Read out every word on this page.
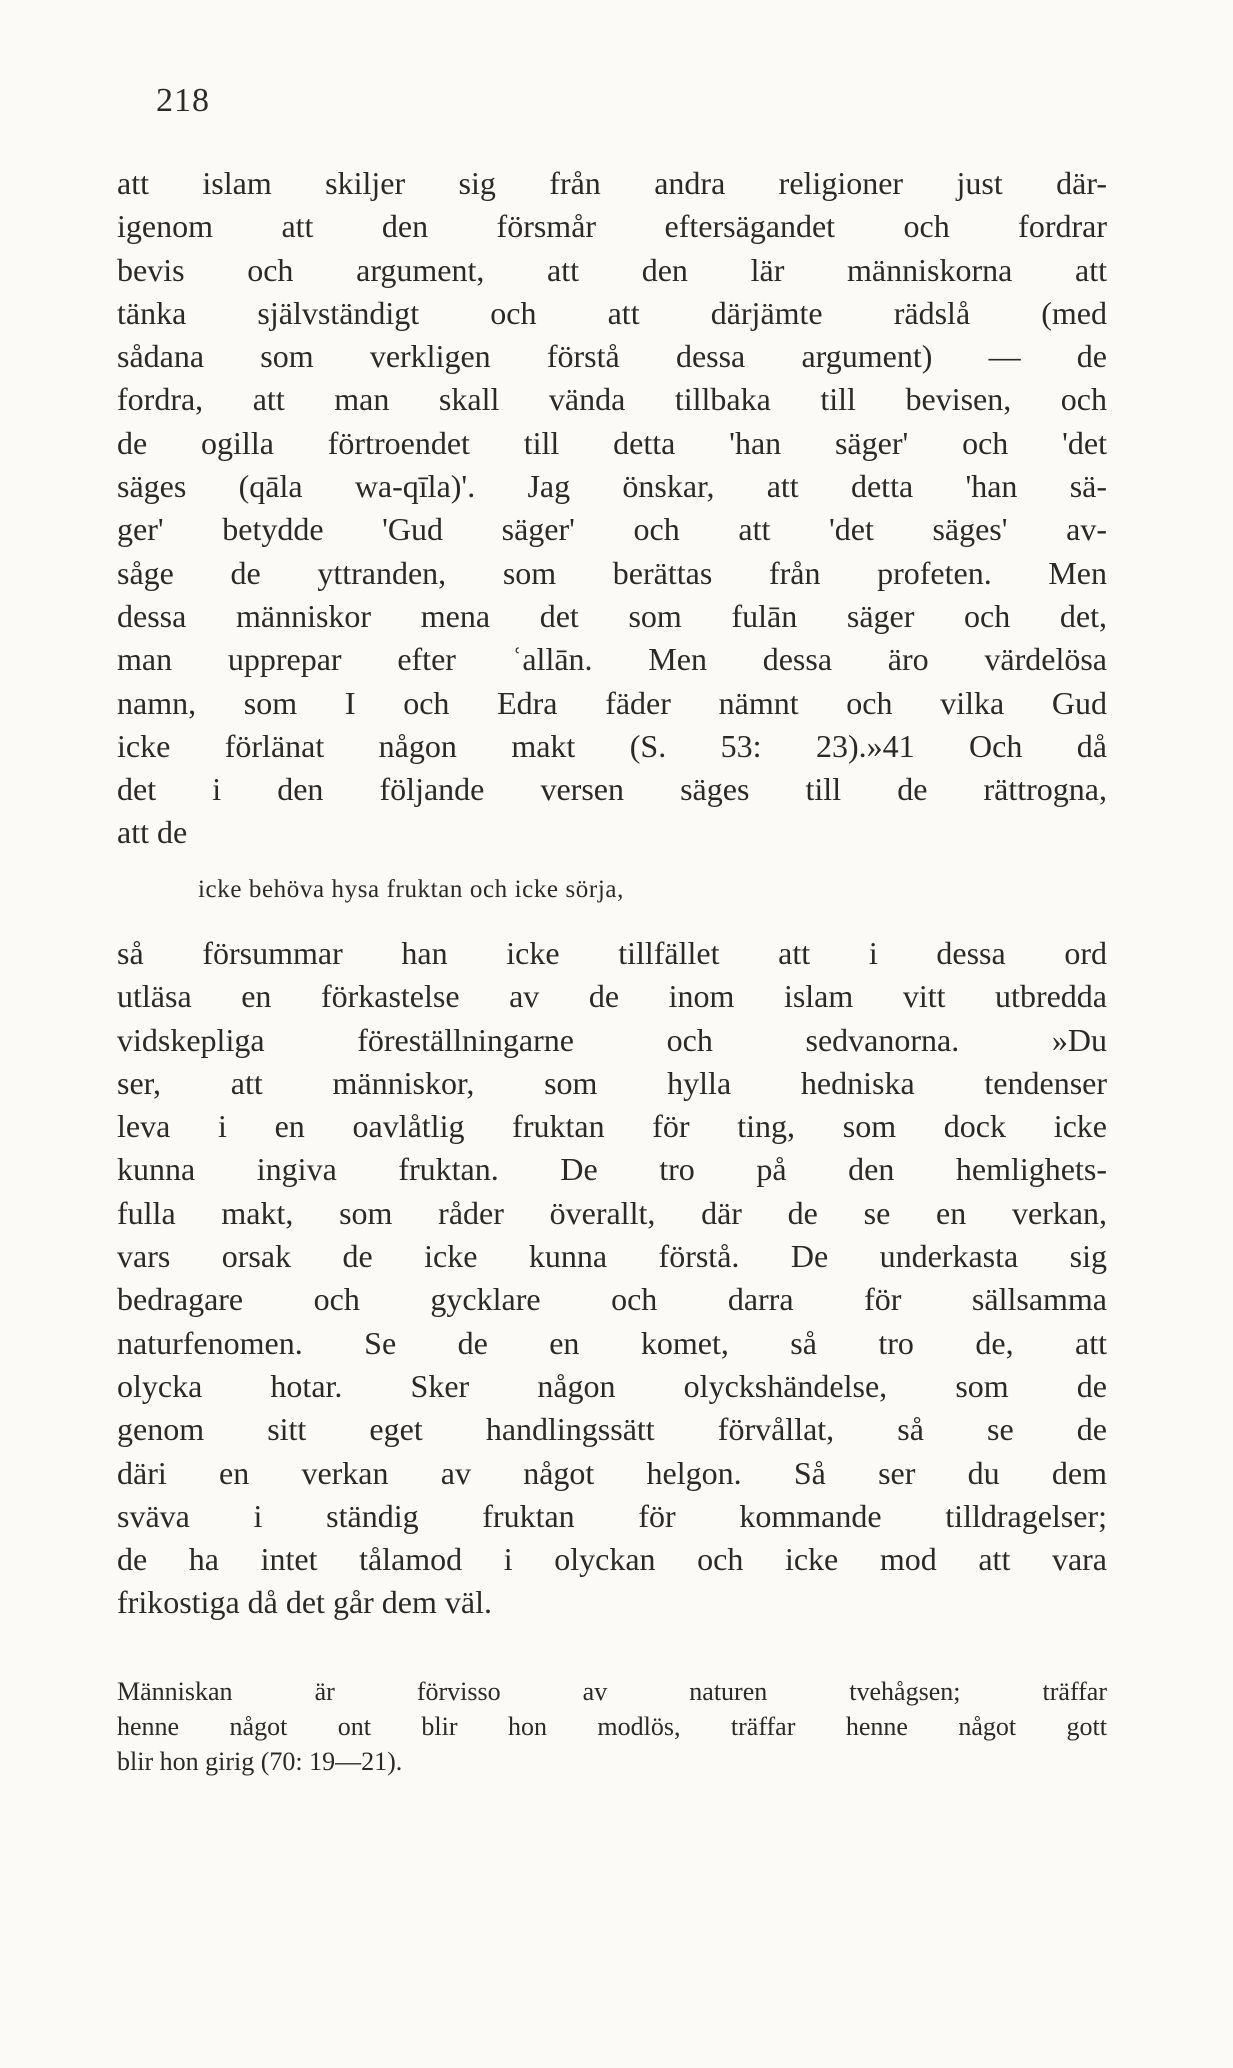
218
att islam skiljer sig från andra religioner just där-
igenom att den försmår eftersägandet och fordrar
bevis och argument, att den lär människorna att
tänka självständigt och att därjämte rädslå (med
sådana som verkligen förstå dessa argument) — de
fordra, att man skall vända tillbaka till bevisen, och
de ogilla förtroendet till detta 'han säger' och 'det
säges (qāla wa-qīla)'. Jag önskar, att detta 'han sä-
ger' betydde 'Gud säger' och att 'det säges' av-
såge de yttranden, som berättas från profeten. Men
dessa människor mena det som fulān säger och det,
man upprepar efter ʿallān. Men dessa äro värdelösa
namn, som I och Edra fäder nämnt och vilka Gud
icke förlänat någon makt (S. 53: 23).»41 Och då
det i den följande versen säges till de rättrogna,
att de
icke behöva hysa fruktan och icke sörja,
så försummar han icke tillfället att i dessa ord
utläsa en förkastelse av de inom islam vitt utbredda
vidskepliga föreställningarne och sedvanorna. »Du
ser, att människor, som hylla hedniska tendenser
leva i en oavlåtlig fruktan för ting, som dock icke
kunna ingiva fruktan. De tro på den hemlighets-
fulla makt, som råder överallt, där de se en verkan,
vars orsak de icke kunna förstå. De underkasta sig
bedragare och gycklare och darra för sällsamma
naturfenomen. Se de en komet, så tro de, att
olycka hotar. Sker någon olyckshändelse, som de
genom sitt eget handlingssätt förvållat, så se de
däri en verkan av något helgon. Så ser du dem
sväva i ständig fruktan för kommande tilldragelser;
de ha intet tålamod i olyckan och icke mod att vara
frikostiga då det går dem väl.
Människan är förvisso av naturen tvehågsen; träffar
henne något ont blir hon modlös, träffar henne något gott
blir hon girig (70: 19—21).
